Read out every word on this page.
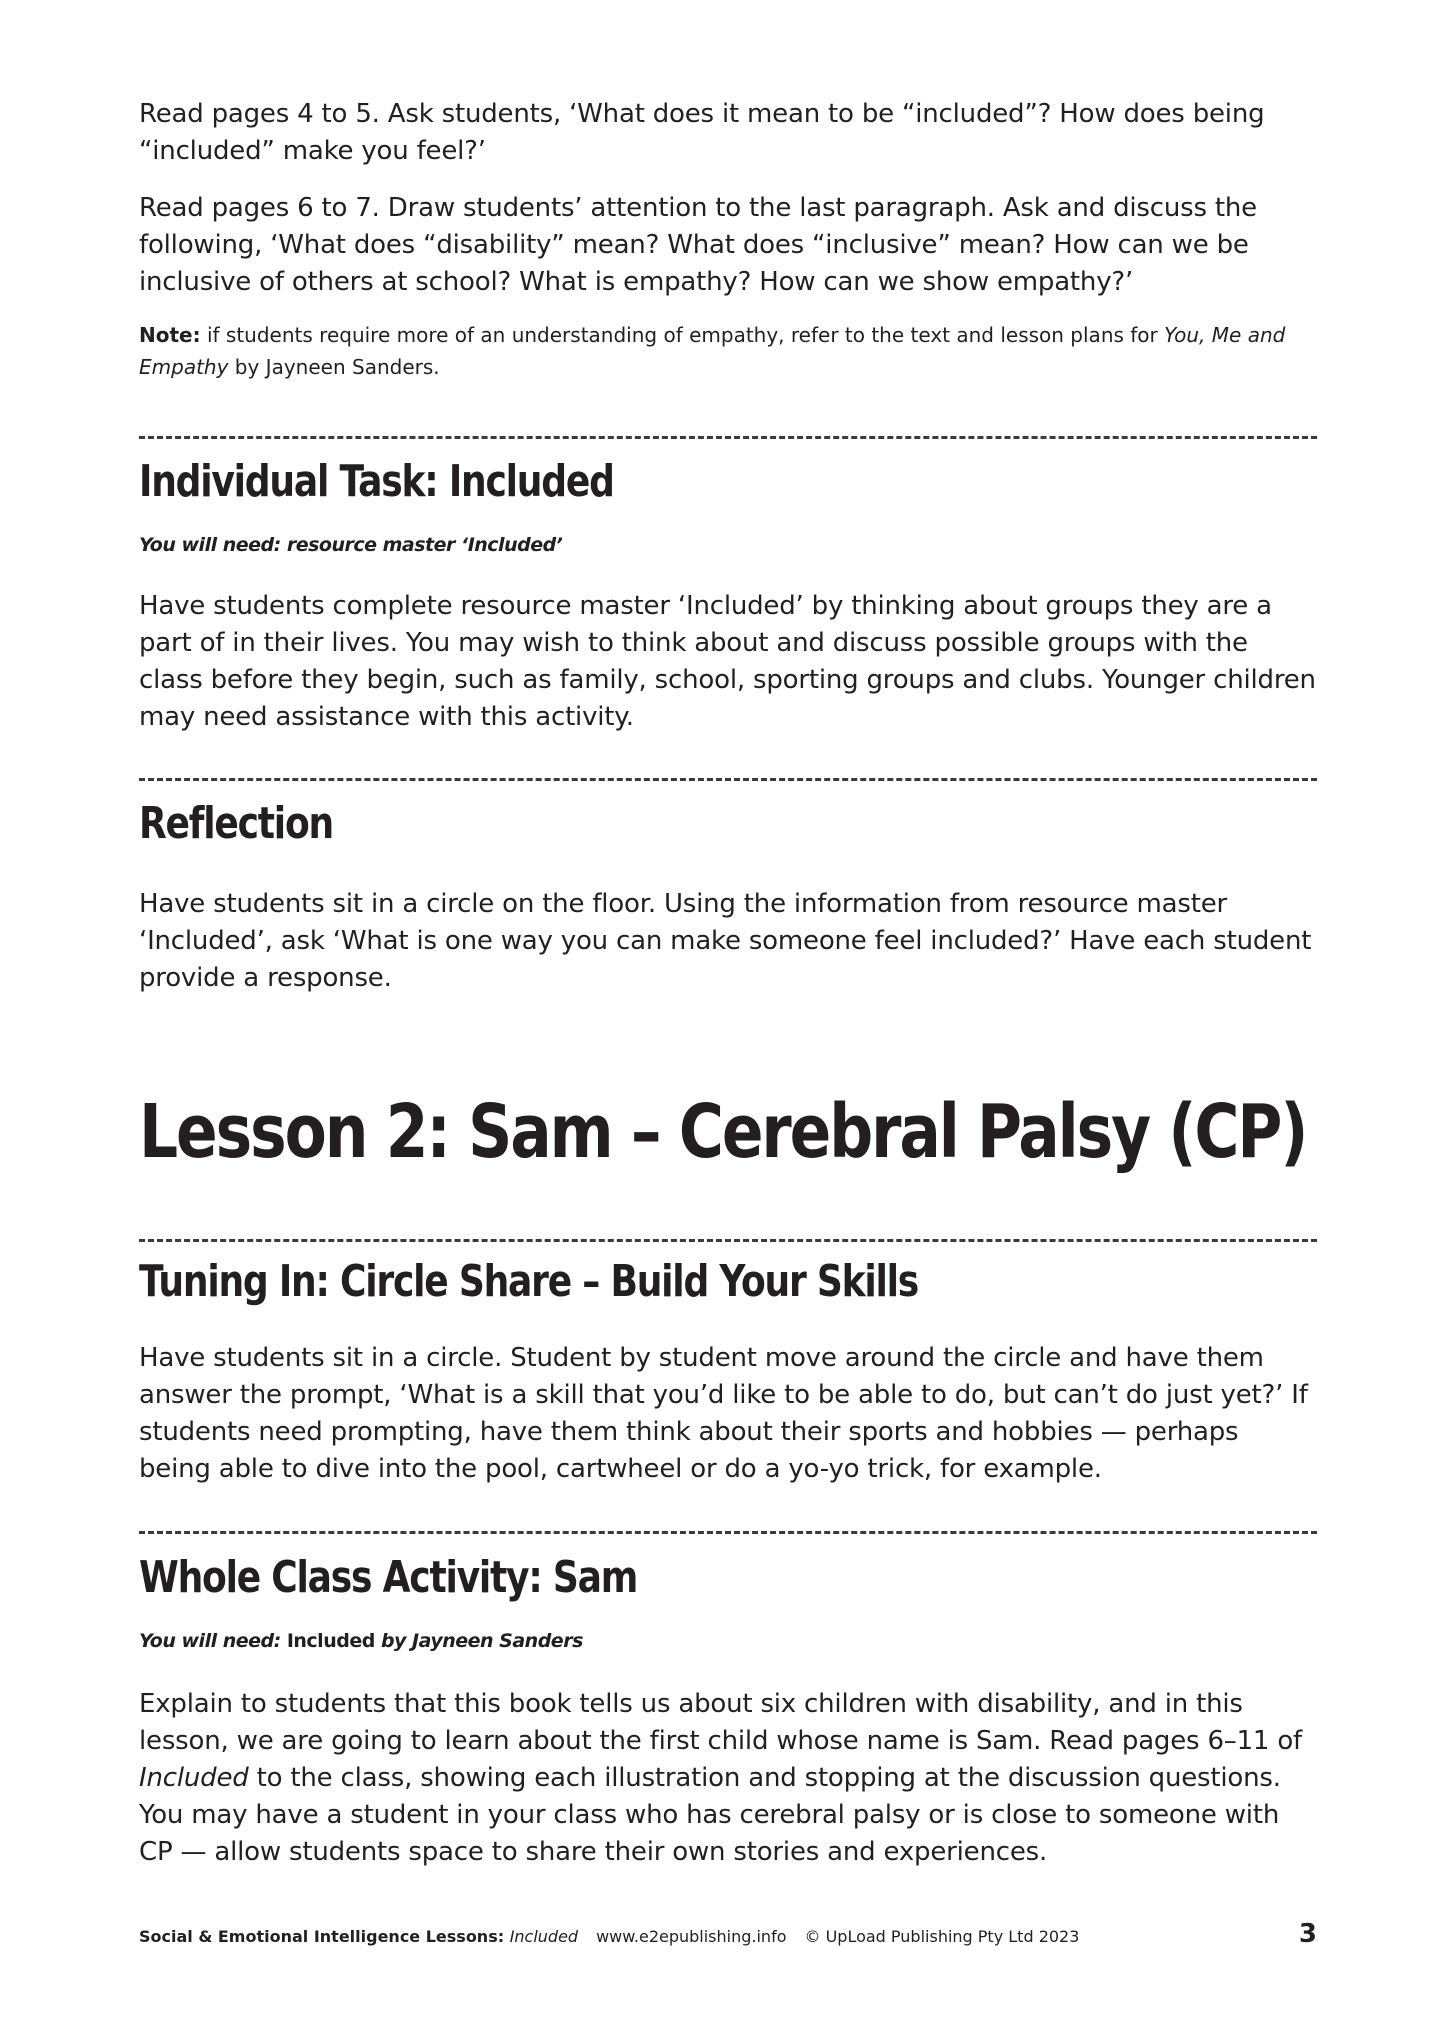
Read pages 4 to 5. Ask students, ‘What does it mean to be “included”? How does being “included” make you feel?’

Read pages 6 to 7. Draw students’ attention to the last paragraph. Ask and discuss the following, ‘What does “disability” mean? What does “inclusive” mean? How can we be inclusive of others at school? What is empathy? How can we show empathy?’

Note: if students require more of an understanding of empathy, refer to the text and lesson plans for You, Me and Empathy by Jayneen Sanders.

Individual Task: Included
You will need: resource master ‘Included’

Have students complete resource master ‘Included’ by thinking about groups they are a part of in their lives. You may wish to think about and discuss possible groups with the class before they begin, such as family, school, sporting groups and clubs. Younger children may need assistance with this activity.

Reflection

Have students sit in a circle on the floor. Using the information from resource master ‘Included’, ask ‘What is one way you can make someone feel included?’ Have each student provide a response.

Lesson 2: Sam – Cerebral Palsy (CP)
Tuning In: Circle Share – Build Your Skills

Have students sit in a circle. Student by student move around the circle and have them answer the prompt, ‘What is a skill that you’d like to be able to do, but can’t do just yet?’ If students need prompting, have them think about their sports and hobbies — perhaps being able to dive into the pool, cartwheel or do a yo-yo trick, for example.

Whole Class Activity: Sam
You will need: Included by Jayneen Sanders

Explain to students that this book tells us about six children with disability, and in this lesson, we are going to learn about the first child whose name is Sam. Read pages 6–11 of Included to the class, showing each illustration and stopping at the discussion questions. You may have a student in your class who has cerebral palsy or is close to someone with CP — allow students space to share their own stories and experiences.

Social & Emotional Intelligence Lessons: Included www.e2epublishing.info © UpLoad Publishing Pty Ltd 2023	3
